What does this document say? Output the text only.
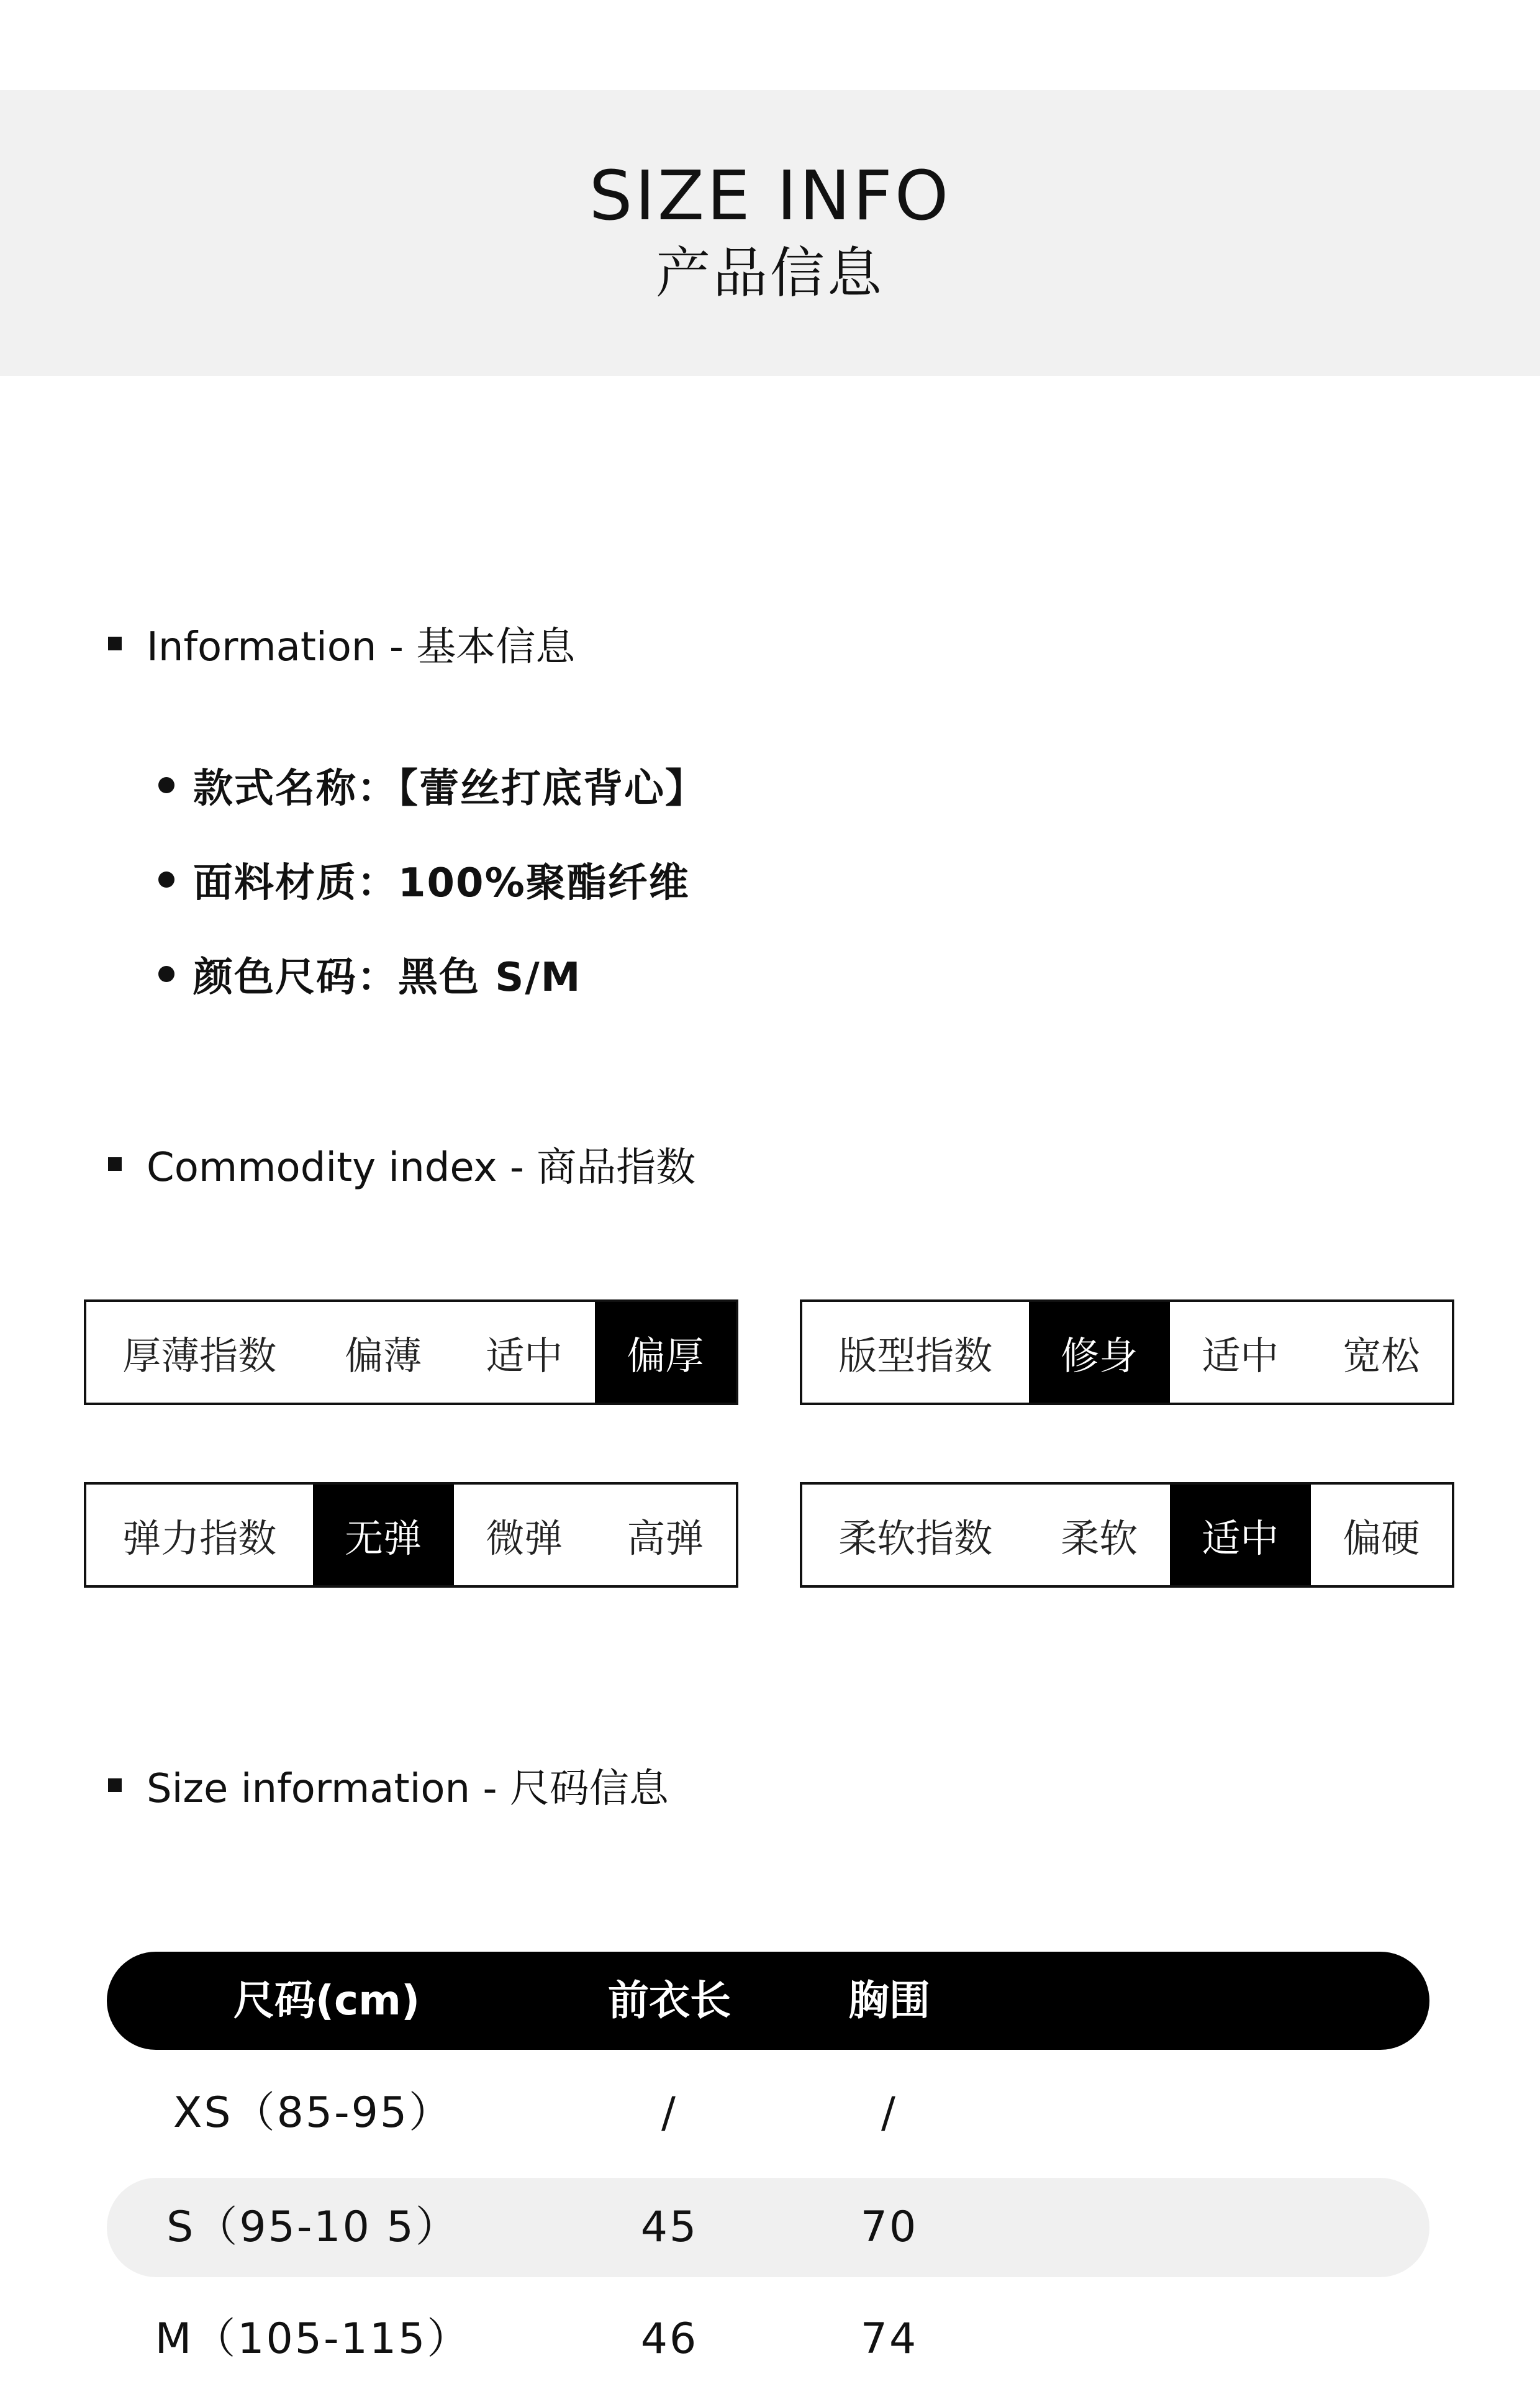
SIZE INFO
产品信息
Information - 基本信息
款式名称：【蕾丝打底背心】
面料材质：100%聚酯纤维
颜色尺码：黑色 S/M
Commodity index - 商品指数
厚薄指数	偏薄	适中	偏厚	版型指数	修身	适中	宽松
弹力指数	无弹	微弹	高弹	柔软指数	柔软	适中	偏硬
Size information - 尺码信息
尺码(cm)	前衣长	胸围
XS（85-95）	/	/
S（95-10 5）	45	70
M（105-115）	46	74
